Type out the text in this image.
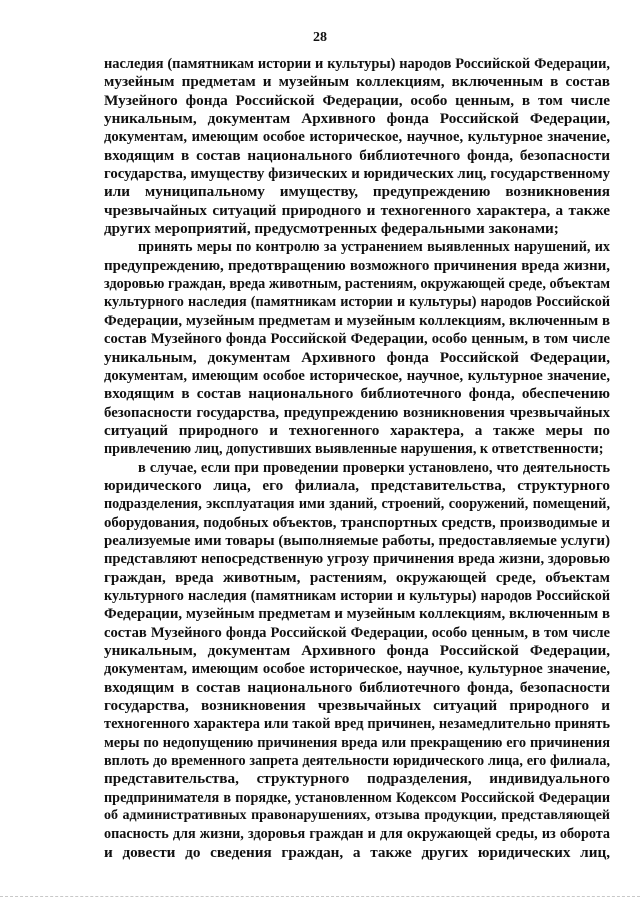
28
наследия (памятникам истории и культуры) народов Российской Федерации,
музейным предметам и музейным коллекциям, включенным в состав
Музейного фонда Российской Федерации, особо ценным, в том числе
уникальным, документам Архивного фонда Российской Федерации,
документам, имеющим особое историческое, научное, культурное значение,
входящим в состав национального библиотечного фонда, безопасности
государства, имуществу физических и юридических лиц, государственному
или муниципальному имуществу, предупреждению возникновения
чрезвычайных ситуаций природного и техногенного характера, а также
других мероприятий, предусмотренных федеральными законами;
принять меры по контролю за устранением выявленных нарушений, их
предупреждению, предотвращению возможного причинения вреда жизни,
здоровью граждан, вреда животным, растениям, окружающей среде, объектам
культурного наследия (памятникам истории и культуры) народов Российской
Федерации, музейным предметам и музейным коллекциям, включенным в
состав Музейного фонда Российской Федерации, особо ценным, в том числе
уникальным, документам Архивного фонда Российской Федерации,
документам, имеющим особое историческое, научное, культурное значение,
входящим в состав национального библиотечного фонда, обеспечению
безопасности государства, предупреждению возникновения чрезвычайных
ситуаций природного и техногенного характера, а также меры по
привлечению лиц, допустивших выявленные нарушения, к ответственности;
в случае, если при проведении проверки установлено, что деятельность
юридического лица, его филиала, представительства, структурного
подразделения, эксплуатация ими зданий, строений, сооружений, помещений,
оборудования, подобных объектов, транспортных средств, производимые и
реализуемые ими товары (выполняемые работы, предоставляемые услуги)
представляют непосредственную угрозу причинения вреда жизни, здоровью
граждан, вреда животным, растениям, окружающей среде, объектам
культурного наследия (памятникам истории и культуры) народов Российской
Федерации, музейным предметам и музейным коллекциям, включенным в
состав Музейного фонда Российской Федерации, особо ценным, в том числе
уникальным, документам Архивного фонда Российской Федерации,
документам, имеющим особое историческое, научное, культурное значение,
входящим в состав национального библиотечного фонда, безопасности
государства, возникновения чрезвычайных ситуаций природного и
техногенного характера или такой вред причинен, незамедлительно принять
меры по недопущению причинения вреда или прекращению его причинения
вплоть до временного запрета деятельности юридического лица, его филиала,
представительства, структурного подразделения, индивидуального
предпринимателя в порядке, установленном Кодексом Российской Федерации
об административных правонарушениях, отзыва продукции, представляющей
опасность для жизни, здоровья граждан и для окружающей среды, из оборота
и довести до сведения граждан, а также других юридических лиц,
